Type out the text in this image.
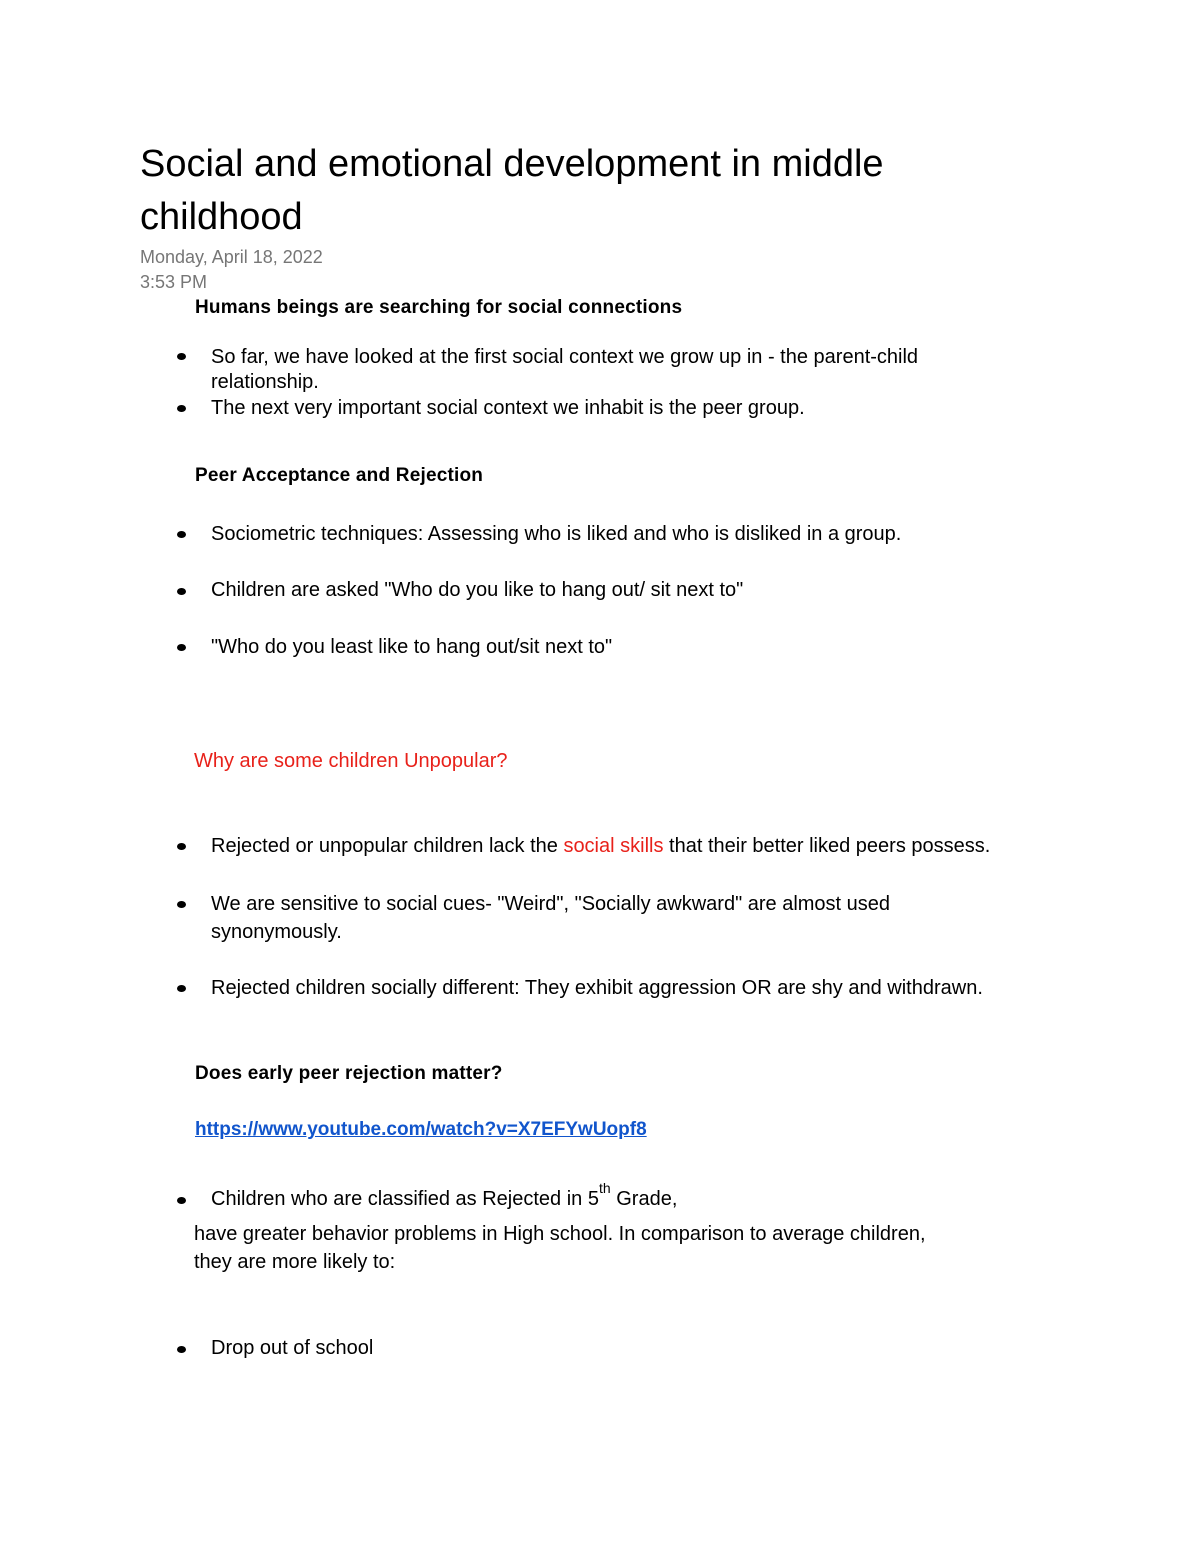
Social and emotional development in middle
childhood
Monday, April 18, 2022
3:53 PM
Humans beings are searching for social connections
So far, we have looked at the first social context we grow up in - the parent-child
relationship.
The next very important social context we inhabit is the peer group.
Peer Acceptance and Rejection
Sociometric techniques: Assessing who is liked and who is disliked in a group.
Children are asked "Who do you like to hang out/ sit next to"
"Who do you least like to hang out/sit next to"
Why are some children Unpopular?
Rejected or unpopular children lack the social skills that their better liked peers possess.
We are sensitive to social cues- "Weird", "Socially awkward" are almost used
synonymously.
Rejected children socially different: They exhibit aggression OR are shy and withdrawn.
Does early peer rejection matter?
https://www.youtube.com/watch?v=X7EFYwUopf8
Children who are classified as Rejected in 5th Grade,
have greater behavior problems in High school. In comparison to average children,
they are more likely to:
Drop out of school
